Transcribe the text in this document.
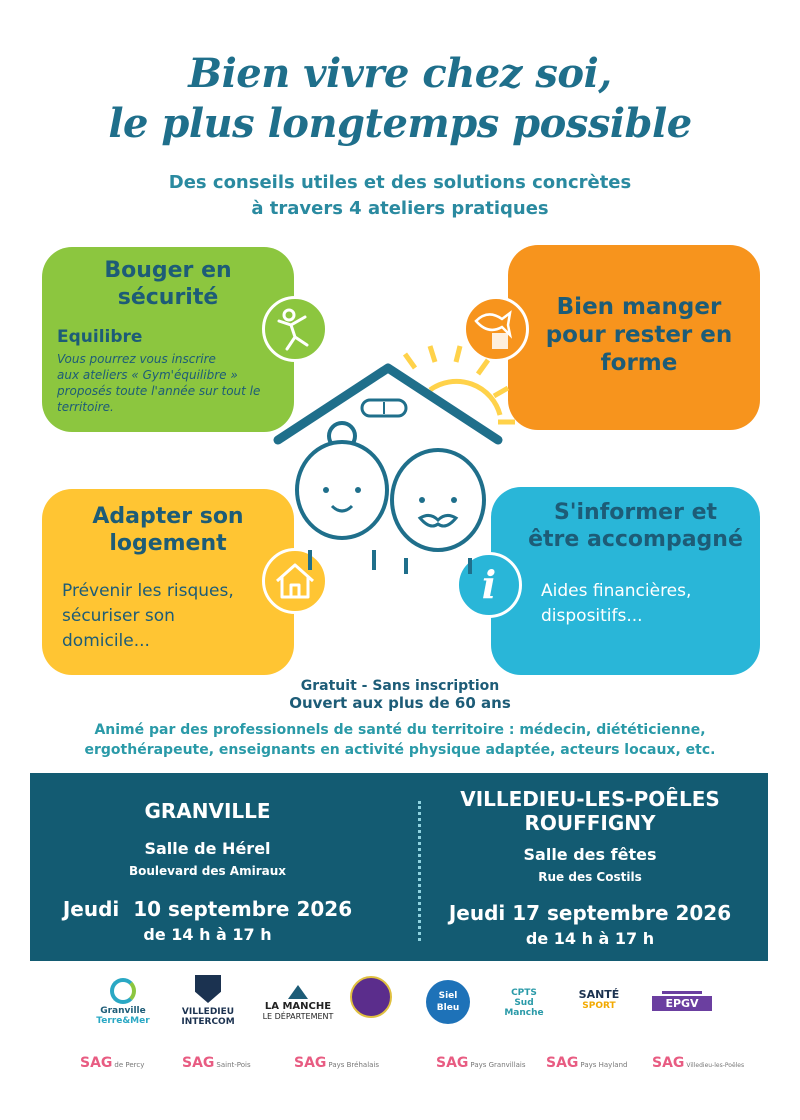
Bien vivre chez soi,
le plus longtemps possible
Des conseils utiles et des solutions concrètes
à travers 4 ateliers pratiques
Bouger en
sécurité
Equilibre
Vous pourrez vous inscrire
aux ateliers « Gym'équilibre »
proposés toute l'année sur tout le
territoire.
Bien manger
pour rester en
forme
Adapter son
logement
Prévenir les risques,
sécuriser son
domicile...
S'informer et
être accompagné
Aides financières,
dispositifs...
i
Gratuit - Sans inscription
Ouvert aux plus de 60 ans
Animé par des professionnels de santé du territoire : médecin, diététicienne,
ergothérapeute, enseignants en activité physique adaptée, acteurs locaux, etc.
GRANVILLE
Salle de Hérel
Boulevard des Amiraux
Jeudi  10 septembre 2026
de 14 h à 17 h
VILLEDIEU-LES-POÊLES
ROUFFIGNY
Salle des fêtes
Rue des Costils
Jeudi 17 septembre 2026
de 14 h à 17 h
Granville
Terre&Mer
VILLEDIEU
INTERCOM
LA MANCHE
LE DÉPARTEMENT
Siel
Bleu
CPTS
Sud Manche
SANTÉ
SPORT	EPGV
SAG de Percy	SAG Saint-Pois	SAG Pays Bréhalais	SAG Pays Granvillais SAG Pays Hayland SAG Villedieu-les-Poêles
